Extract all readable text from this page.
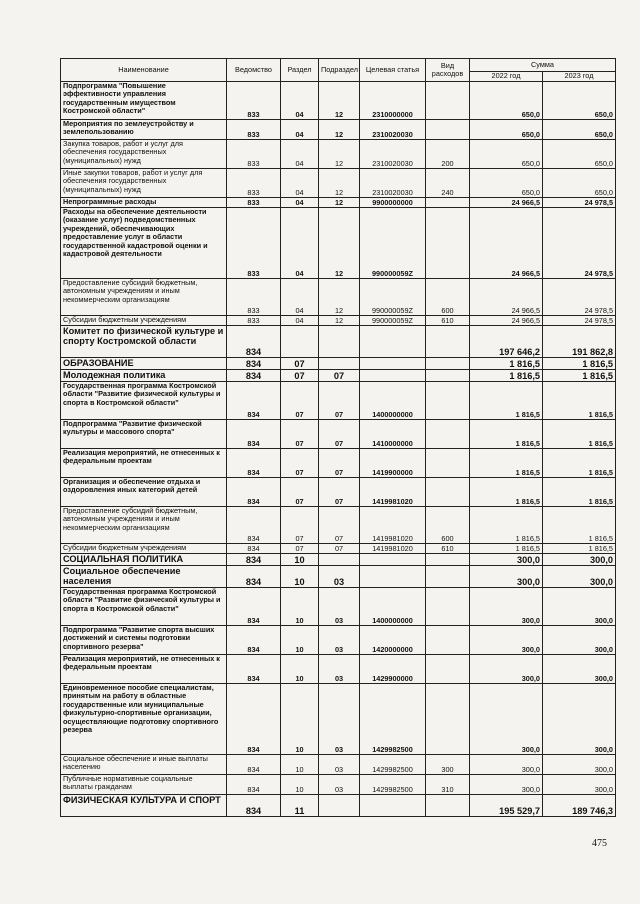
Наименование	Ведомство	Раздел	Подраздел	Целевая статья	Вид расходов	Сумма	
						2022 год	2023 год
Подпрограмма "Повышение эффективности управления государственным имуществом Костромской области"	833	04	12	2310000000		650,0	650,0
Мероприятия по землеустройству и землепользованию	833	04	12	2310020030		650,0	650,0
Закупка товаров, работ и услуг для обеспечения государственных (муниципальных) нужд	833	04	12	2310020030	200	650,0	650,0
Иные закупки товаров, работ и услуг для обеспечения государственных (муниципальных) нужд	833	04	12	2310020030	240	650,0	650,0
Непрограммные расходы	833	04	12	9900000000		24 966,5	24 978,5
Расходы на обеспечение деятельности (оказание услуг) подведомственных учреждений, обеспечивающих предоставление услуг в области государственной кадастровой оценки и кадастровой деятельности	833	04	12	990000059Z		24 966,5	24 978,5
Предоставление субсидий бюджетным, автономным учреждениям и иным некоммерческим организациям	833	04	12	990000059Z	600	24 966,5	24 978,5
Субсидии бюджетным учреждениям	833	04	12	990000059Z	610	24 966,5	24 978,5
Комитет по физической культуре и спорту Костромской области	834					197 646,2	191 862,8
ОБРАЗОВАНИЕ	834	07				1 816,5	1 816,5
Молодежная политика	834	07	07			1 816,5	1 816,5
Государственная программа Костромской области "Развитие физической культуры и спорта в Костромской области"	834	07	07	1400000000		1 816,5	1 816,5
Подпрограмма "Развитие физической культуры и массового спорта"	834	07	07	1410000000		1 816,5	1 816,5
Реализация мероприятий, не отнесенных к федеральным проектам	834	07	07	1419900000		1 816,5	1 816,5
Организация и обеспечение отдыха и оздоровления иных категорий детей	834	07	07	1419981020		1 816,5	1 816,5
Предоставление субсидий бюджетным, автономным учреждениям и иным некоммерческим организациям	834	07	07	1419981020	600	1 816,5	1 816,5
Субсидии бюджетным учреждениям	834	07	07	1419981020	610	1 816,5	1 816,5
СОЦИАЛЬНАЯ ПОЛИТИКА	834	10				300,0	300,0
Социальное обеспечение населения	834	10	03			300,0	300,0
Государственная программа Костромской области "Развитие физической культуры и спорта в Костромской области"	834	10	03	1400000000		300,0	300,0
Подпрограмма "Развитие спорта высших достижений и системы подготовки спортивного резерва"	834	10	03	1420000000		300,0	300,0
Реализация мероприятий, не отнесенных к федеральным проектам	834	10	03	1429900000		300,0	300,0
Единовременное пособие специалистам, принятым на работу в областные государственные или муниципальные физкультурно-спортивные организации, осуществляющие подготовку спортивного резерва	834	10	03	1429982500		300,0	300,0
Социальное обеспечение и иные выплаты населению	834	10	03	1429982500	300	300,0	300,0
Публичные нормативные социальные выплаты гражданам	834	10	03	1429982500	310	300,0	300,0
ФИЗИЧЕСКАЯ КУЛЬТУРА И СПОРТ	834	11				195 529,7	189 746,3
475
